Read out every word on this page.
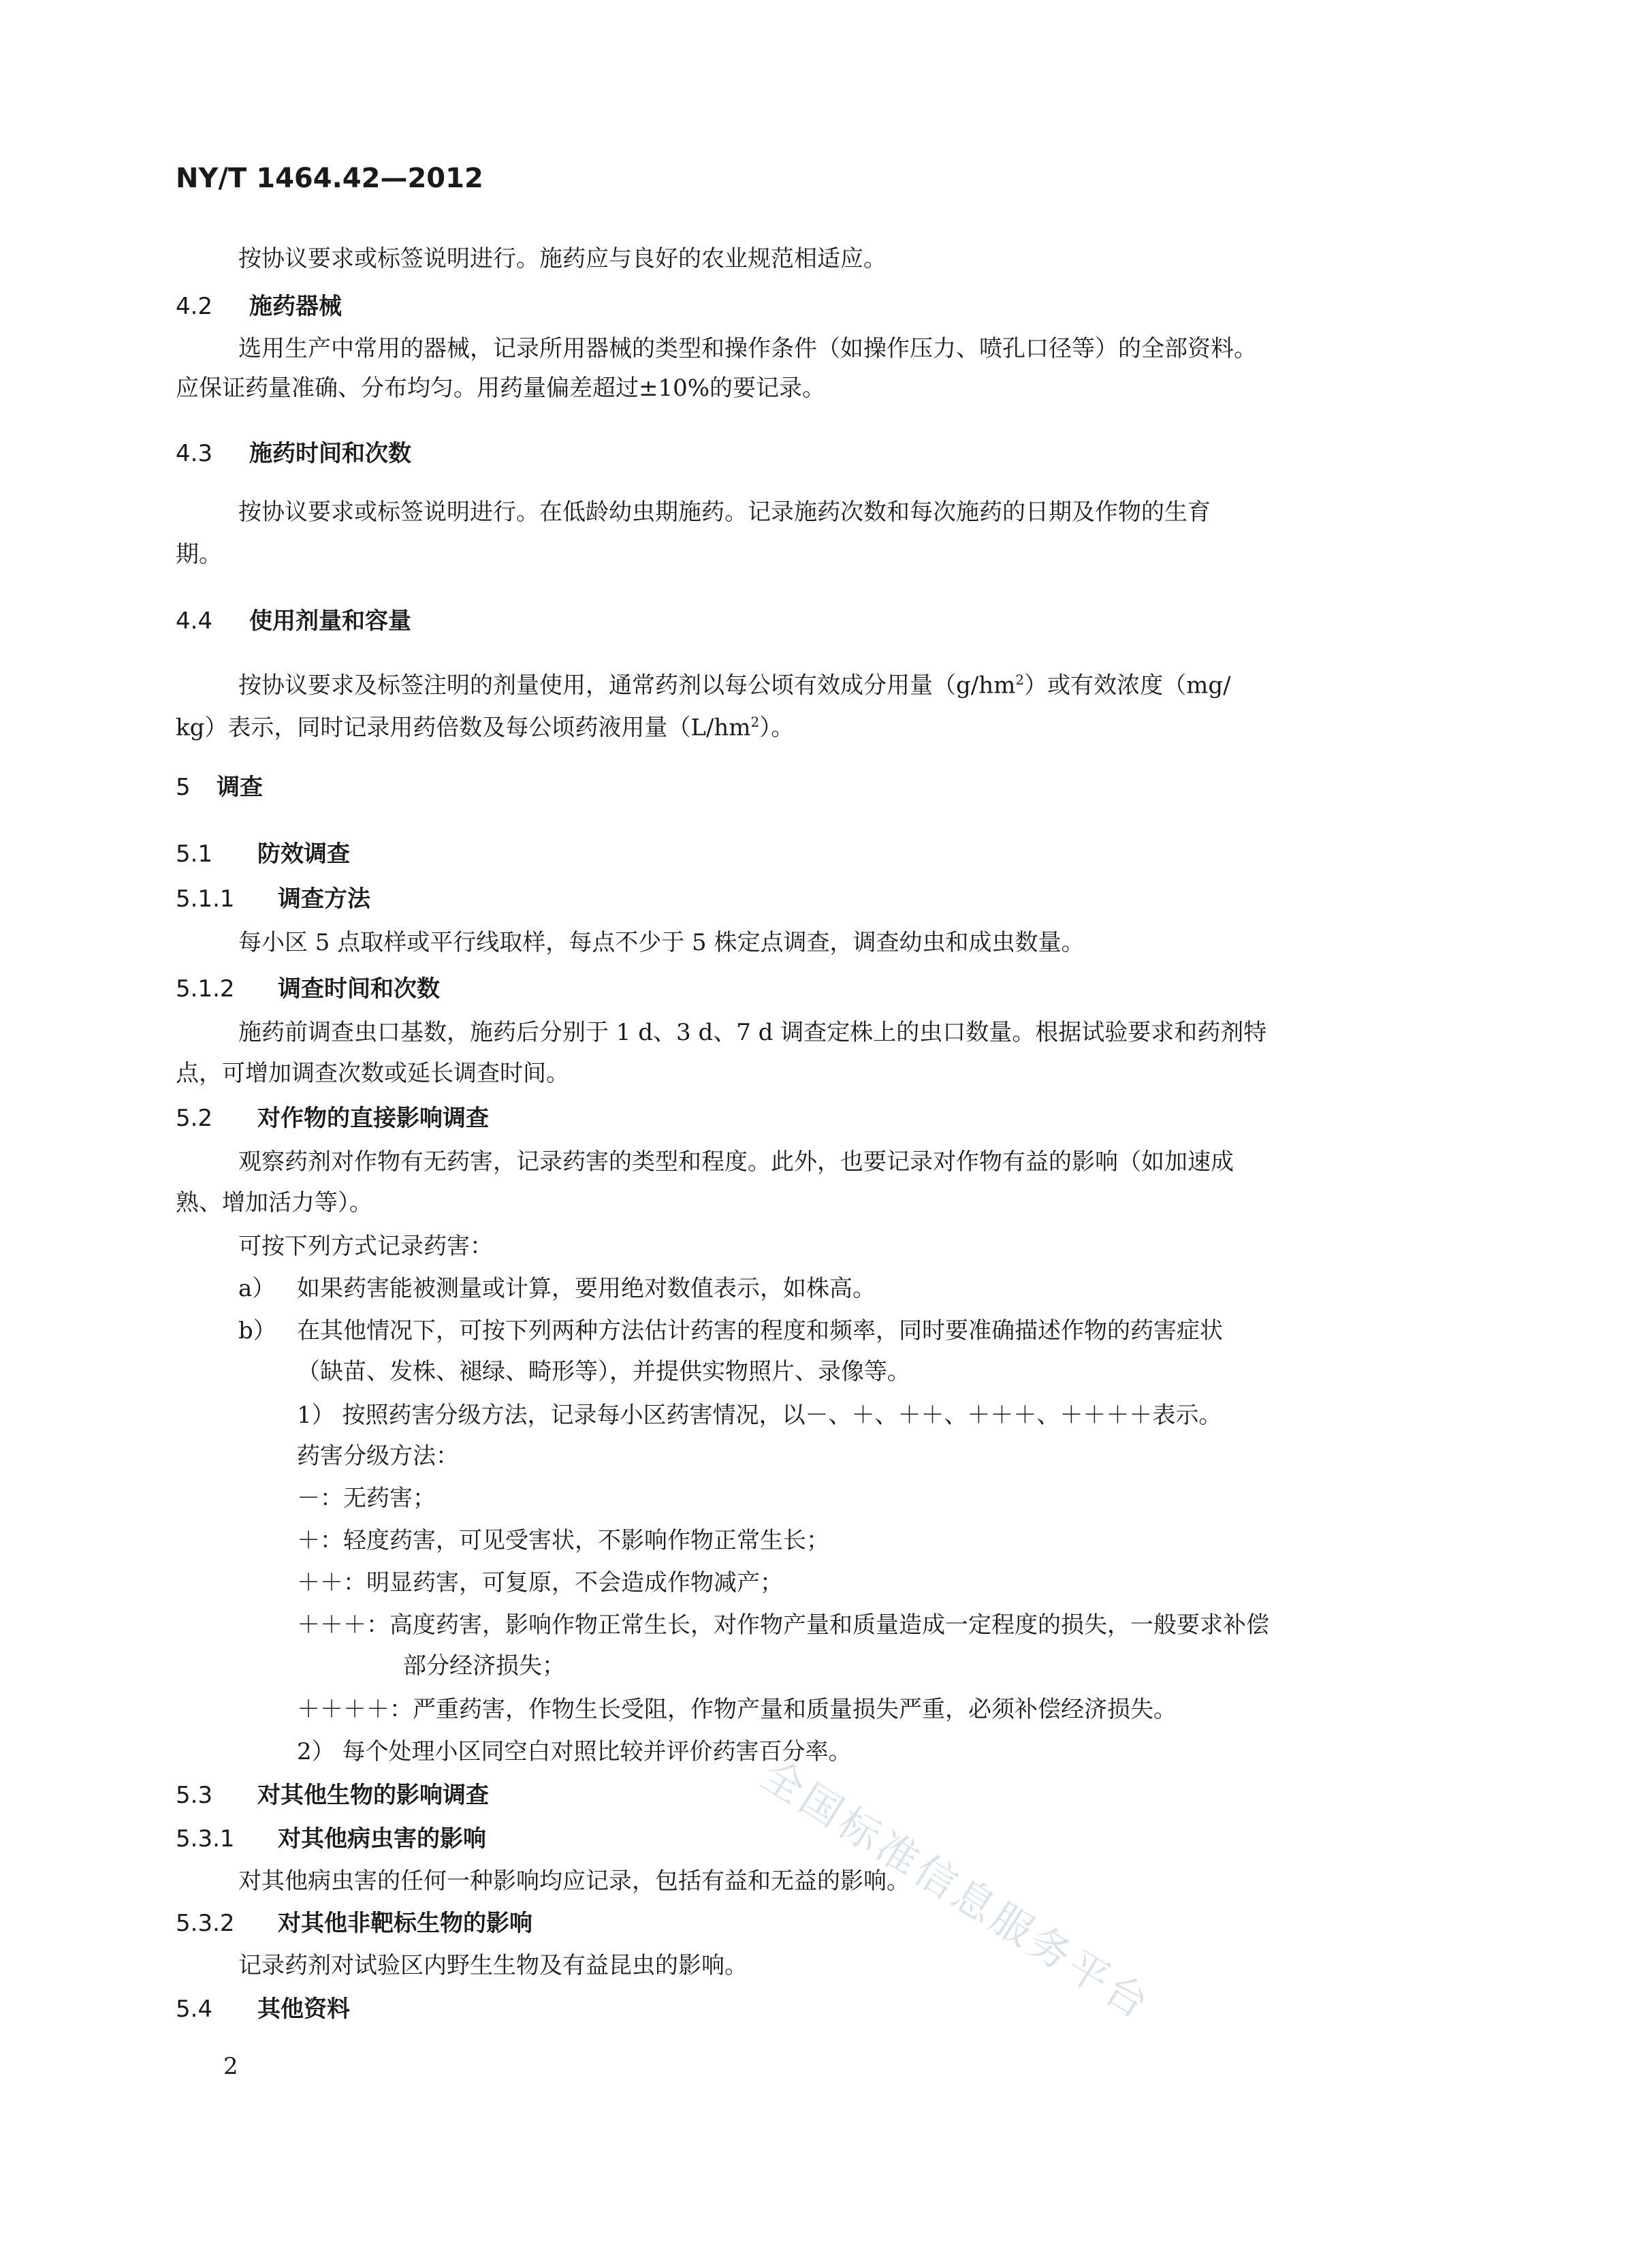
NY/T 1464.42—2012
按协议要求或标签说明进行。施药应与良好的农业规范相适应。
4.2 施药器械
选用生产中常用的器械，记录所用器械的类型和操作条件（如操作压力、喷孔口径等）的全部资料。
应保证药量准确、分布均匀。用药量偏差超过±10%的要记录。
4.3 施药时间和次数
按协议要求或标签说明进行。在低龄幼虫期施药。记录施药次数和每次施药的日期及作物的生育
期。
4.4 使用剂量和容量
按协议要求及标签注明的剂量使用，通常药剂以每公顷有效成分用量$(g/hm^2)$或有效浓度（mg/
kg）表示，同时记录用药倍数及每公顷药液用量$(L/hm^2)$。
5 调查
5.1 防效调查
5.1.1 调查方法
每小区 5 点取样或平行线取样，每点不少于 5 株定点调查，调查幼虫和成虫数量。
5.1.2 调查时间和次数
施药前调查虫口基数，施药后分别于 1 d、3 d、7 d 调查定株上的虫口数量。根据试验要求和药剂特
点，可增加调查次数或延长调查时间。
5.2 对作物的直接影响调查
观察药剂对作物有无药害，记录药害的类型和程度。此外，也要记录对作物有益的影响（如加速成
熟、增加活力等）。
可按下列方式记录药害：
a） 如果药害能被测量或计算，要用绝对数值表示，如株高。
b） 在其他情况下，可按下列两种方法估计药害的程度和频率，同时要准确描述作物的药害症状
（缺苗、发株、褪绿、畸形等），并提供实物照片、录像等。
1） 按照药害分级方法，记录每小区药害情况，以－、＋、＋＋、＋＋＋、＋＋＋＋表示。
药害分级方法：
－：无药害；
＋：轻度药害，可见受害状，不影响作物正常生长；
＋＋：明显药害，可复原，不会造成作物减产；
＋＋＋：高度药害，影响作物正常生长，对作物产量和质量造成一定程度的损失，一般要求补偿
部分经济损失；
＋＋＋＋：严重药害，作物生长受阻，作物产量和质量损失严重，必须补偿经济损失。
2） 每个处理小区同空白对照比较并评价药害百分率。
5.3 对其他生物的影响调查
5.3.1 对其他病虫害的影响
对其他病虫害的任何一种影响均应记录，包括有益和无益的影响。
5.3.2 对其他非靶标生物的影响
记录药剂对试验区内野生生物及有益昆虫的影响。
5.4 其他资料
2
全国标准信息服务平台
